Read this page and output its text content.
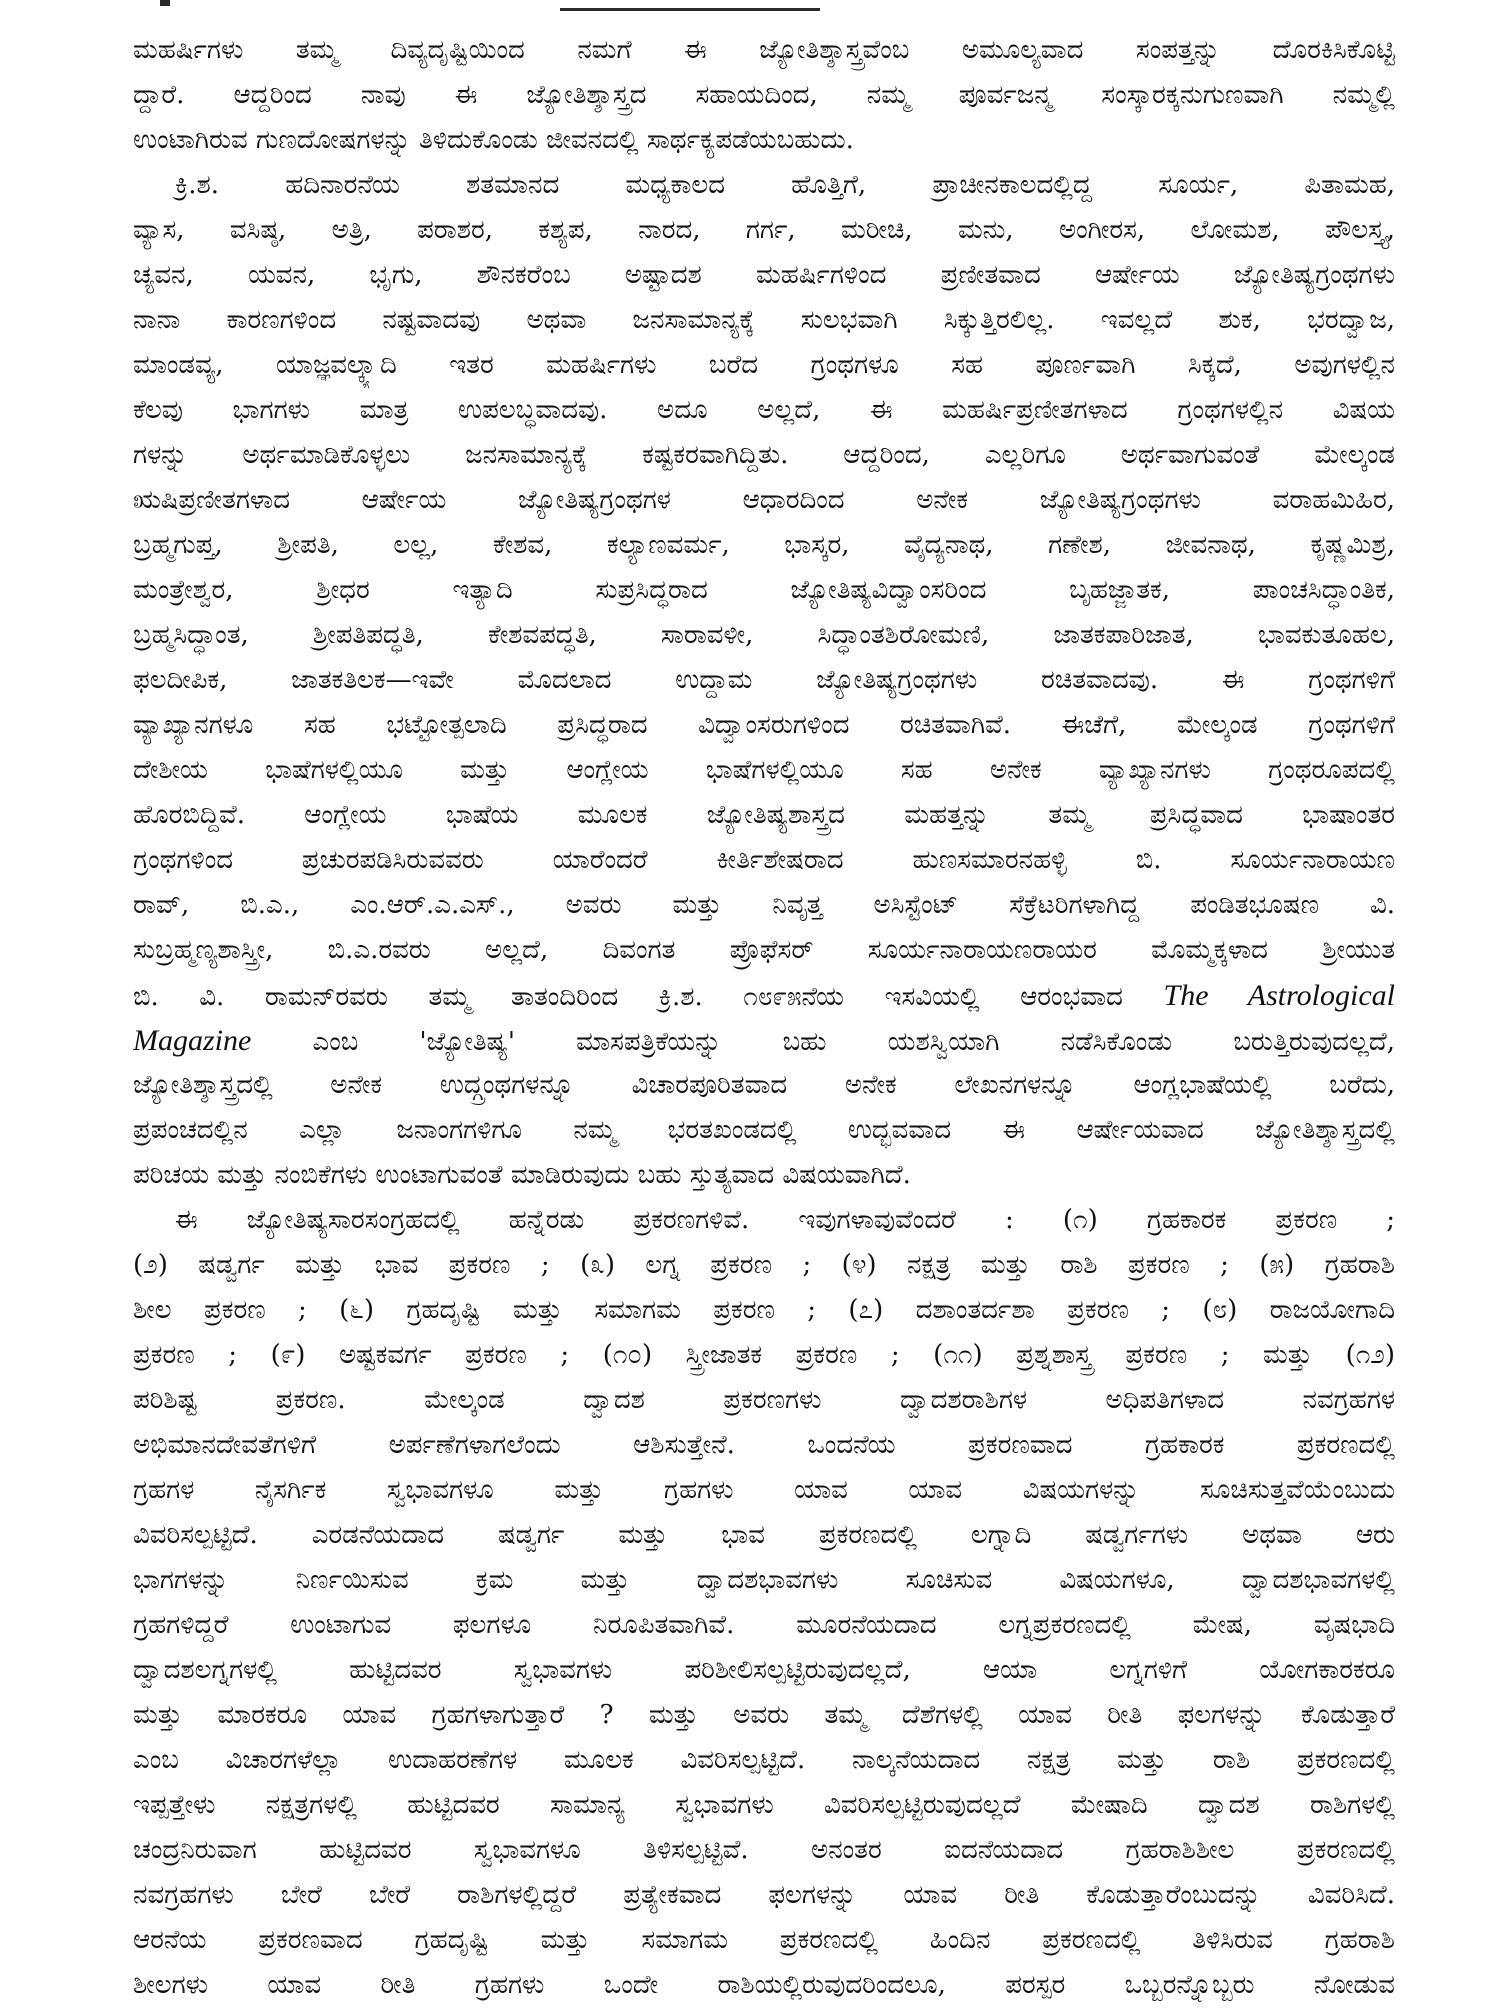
ಮಹರ್ಷಿಗಳು ತಮ್ಮ ದಿವ್ಯದೃಷ್ಟಿಯಿಂದ ನಮಗೆ ಈ ಜ್ಯೋತಿಶ್ಶಾಸ್ತ್ರವೆಂಬ ಅಮೂಲ್ಯವಾದ ಸಂಪತ್ತನ್ನು ದೊರಕಿಸಿಕೊಟ್ಟಿ
ದ್ದಾರೆ. ಆದ್ದರಿಂದ ನಾವು ಈ ಜ್ಯೋತಿಶ್ಶಾಸ್ತ್ರದ ಸಹಾಯದಿಂದ, ನಮ್ಮ ಪೂರ್ವಜನ್ಮ ಸಂಸ್ಕಾರಕ್ಕನುಗುಣವಾಗಿ ನಮ್ಮಲ್ಲಿ
ಉಂಟಾಗಿರುವ ಗುಣದೋಷಗಳನ್ನು ತಿಳಿದುಕೊಂಡು ಜೀವನದಲ್ಲಿ ಸಾರ್ಥಕ್ಯಪಡೆಯಬಹುದು.
ಕ್ರಿ.ಶ. ಹದಿನಾರನೆಯ ಶತಮಾನದ ಮಧ್ಯಕಾಲದ ಹೊತ್ತಿಗೆ, ಪ್ರಾಚೀನಕಾಲದಲ್ಲಿದ್ದ ಸೂರ್ಯ, ಪಿತಾಮಹ,
ವ್ಯಾಸ, ವಸಿಷ್ಠ, ಅತ್ರಿ, ಪರಾಶರ, ಕಶ್ಯಪ, ನಾರದ, ಗರ್ಗ, ಮರೀಚಿ, ಮನು, ಅಂಗೀರಸ, ಲೋಮಶ, ಪೌಲಸ್ತ್ಯ,
ಚ್ಯವನ, ಯವನ, ಭೃಗು, ಶೌನಕರೆಂಬ ಅಷ್ಟಾದಶ ಮಹರ್ಷಿಗಳಿಂದ ಪ್ರಣೀತವಾದ ಆರ್ಷೇಯ ಜ್ಯೋತಿಷ್ಯಗ್ರಂಥಗಳು
ನಾನಾ ಕಾರಣಗಳಿಂದ ನಷ್ಟವಾದವು ಅಥವಾ ಜನಸಾಮಾನ್ಯಕ್ಕೆ ಸುಲಭವಾಗಿ ಸಿಕ್ಕುತ್ತಿರಲಿಲ್ಲ. ಇವಲ್ಲದೆ ಶುಕ, ಭರದ್ವಾಜ,
ಮಾಂಡವ್ಯ, ಯಾಜ್ಞವಲ್ಕ್ಯಾದಿ ಇತರ ಮಹರ್ಷಿಗಳು ಬರೆದ ಗ್ರಂಥಗಳೂ ಸಹ ಪೂರ್ಣವಾಗಿ ಸಿಕ್ಕದೆ, ಅವುಗಳಲ್ಲಿನ
ಕೆಲವು ಭಾಗಗಳು ಮಾತ್ರ ಉಪಲಬ್ಧವಾದವು. ಅದೂ ಅಲ್ಲದೆ, ಈ ಮಹರ್ಷಿಪ್ರಣೀತಗಳಾದ ಗ್ರಂಥಗಳಲ್ಲಿನ ವಿಷಯ
ಗಳನ್ನು ಅರ್ಥಮಾಡಿಕೊಳ್ಳಲು ಜನಸಾಮಾನ್ಯಕ್ಕೆ ಕಷ್ಟಕರವಾಗಿದ್ದಿತು. ಆದ್ದರಿಂದ, ಎಲ್ಲರಿಗೂ ಅರ್ಥವಾಗುವಂತೆ ಮೇಲ್ಕಂಡ
ಋಷಿಪ್ರಣೀತಗಳಾದ ಆರ್ಷೇಯ ಜ್ಯೋತಿಷ್ಯಗ್ರಂಥಗಳ ಆಧಾರದಿಂದ ಅನೇಕ ಜ್ಯೋತಿಷ್ಯಗ್ರಂಥಗಳು ವರಾಹಮಿಹಿರ,
ಬ್ರಹ್ಮಗುಪ್ತ, ಶ್ರೀಪತಿ, ಲಲ್ಲ, ಕೇಶವ, ಕಲ್ಯಾಣವರ್ಮ, ಭಾಸ್ಕರ, ವೈದ್ಯನಾಥ, ಗಣೇಶ, ಜೀವನಾಥ, ಕೃಷ್ಣಮಿಶ್ರ,
ಮಂತ್ರೇಶ್ವರ, ಶ್ರೀಧರ ಇತ್ಯಾದಿ ಸುಪ್ರಸಿದ್ಧರಾದ ಜ್ಯೋತಿಷ್ಯವಿದ್ವಾಂಸರಿಂದ ಬೃಹಜ್ಜಾತಕ, ಪಾಂಚಸಿದ್ಧಾಂತಿಕ,
ಬ್ರಹ್ಮಸಿದ್ಧಾಂತ, ಶ್ರೀಪತಿಪದ್ಧತಿ, ಕೇಶವಪದ್ಧತಿ, ಸಾರಾವಳೀ, ಸಿದ್ಧಾಂತಶಿರೋಮಣಿ, ಜಾತಕಪಾರಿಜಾತ, ಭಾವಕುತೂಹಲ,
ಫಲದೀಪಿಕ, ಜಾತಕತಿಲಕ—ಇವೇ ಮೊದಲಾದ ಉದ್ದಾಮ ಜ್ಯೋತಿಷ್ಯಗ್ರಂಥಗಳು ರಚಿತವಾದವು. ಈ ಗ್ರಂಥಗಳಿಗೆ
ವ್ಯಾಖ್ಯಾನಗಳೂ ಸಹ ಭಟ್ಟೋತ್ಪಲಾದಿ ಪ್ರಸಿದ್ಧರಾದ ವಿದ್ವಾಂಸರುಗಳಿಂದ ರಚಿತವಾಗಿವೆ. ಈಚೆಗೆ, ಮೇಲ್ಕಂಡ ಗ್ರಂಥಗಳಿಗೆ
ದೇಶೀಯ ಭಾಷೆಗಳಲ್ಲಿಯೂ ಮತ್ತು ಆಂಗ್ಲೇಯ ಭಾಷೆಗಳಲ್ಲಿಯೂ ಸಹ ಅನೇಕ ವ್ಯಾಖ್ಯಾನಗಳು ಗ್ರಂಥರೂಪದಲ್ಲಿ
ಹೊರಬಿದ್ದಿವೆ. ಆಂಗ್ಲೇಯ ಭಾಷೆಯ ಮೂಲಕ ಜ್ಯೋತಿಷ್ಯಶಾಸ್ತ್ರದ ಮಹತ್ತನ್ನು ತಮ್ಮ ಪ್ರಸಿದ್ಧವಾದ ಭಾಷಾಂತರ
ಗ್ರಂಥಗಳಿಂದ ಪ್ರಚುರಪಡಿಸಿರುವವರು ಯಾರೆಂದರೆ ಕೀರ್ತಿಶೇಷರಾದ ಹುಣಸಮಾರನಹಳ್ಳಿ ಬಿ. ಸೂರ್ಯನಾರಾಯಣ
ರಾವ್, ಬಿ.ಎ., ಎಂ.ಆರ್.ಎ.ಎಸ್., ಅವರು ಮತ್ತು ನಿವೃತ್ತ ಅಸಿಸ್ಟೆಂಟ್ ಸೆಕ್ರೆಟರಿಗಳಾಗಿದ್ದ ಪಂಡಿತಭೂಷಣ ವಿ.
ಸುಬ್ರಹ್ಮಣ್ಯಶಾಸ್ತ್ರೀ, ಬಿ.ಎ.ರವರು ಅಲ್ಲದೆ, ದಿವಂಗತ ಪ್ರೊಫೆಸರ್ ಸೂರ್ಯನಾರಾಯಣರಾಯರ ಮೊಮ್ಮಕ್ಕಳಾದ ಶ್ರೀಯುತ
ಬಿ. ವಿ. ರಾಮನ್‌ರವರು ತಮ್ಮ ತಾತಂದಿರಿಂದ ಕ್ರಿ.ಶ. ೧೮೯೫ನೆಯ ಇಸವಿಯಲ್ಲಿ ಆರಂಭವಾದ The Astrological
Magazine ಎಂಬ 'ಜ್ಯೋತಿಷ್ಯ' ಮಾಸಪತ್ರಿಕೆಯನ್ನು ಬಹು ಯಶಸ್ವಿಯಾಗಿ ನಡೆಸಿಕೊಂಡು ಬರುತ್ತಿರುವುದಲ್ಲದೆ,
ಜ್ಯೋತಿಶ್ಶಾಸ್ತ್ರದಲ್ಲಿ ಅನೇಕ ಉದ್ಗ್ರಂಥಗಳನ್ನೂ ವಿಚಾರಪೂರಿತವಾದ ಅನೇಕ ಲೇಖನಗಳನ್ನೂ ಆಂಗ್ಲಭಾಷೆಯಲ್ಲಿ ಬರೆದು,
ಪ್ರಪಂಚದಲ್ಲಿನ ಎಲ್ಲಾ ಜನಾಂಗಗಳಿಗೂ ನಮ್ಮ ಭರತಖಂಡದಲ್ಲಿ ಉದ್ಭವವಾದ ಈ ಆರ್ಷೇಯವಾದ ಜ್ಯೋತಿಶ್ಶಾಸ್ತ್ರದಲ್ಲಿ
ಪರಿಚಯ ಮತ್ತು ನಂಬಿಕೆಗಳು ಉಂಟಾಗುವಂತೆ ಮಾಡಿರುವುದು ಬಹು ಸ್ತುತ್ಯವಾದ ವಿಷಯವಾಗಿದೆ.
ಈ ಜ್ಯೋತಿಷ್ಯಸಾರಸಂಗ್ರಹದಲ್ಲಿ ಹನ್ನೆರಡು ಪ್ರಕರಣಗಳಿವೆ. ಇವುಗಳಾವುವೆಂದರೆ : (೧) ಗ್ರಹಕಾರಕ ಪ್ರಕರಣ ;
(೨) ಷಡ್ವರ್ಗ ಮತ್ತು ಭಾವ ಪ್ರಕರಣ ; (೩) ಲಗ್ನ ಪ್ರಕರಣ ; (೪) ನಕ್ಷತ್ರ ಮತ್ತು ರಾಶಿ ಪ್ರಕರಣ ; (೫) ಗ್ರಹರಾಶಿ
ಶೀಲ ಪ್ರಕರಣ ; (೬) ಗ್ರಹದೃಷ್ಟಿ ಮತ್ತು ಸಮಾಗಮ ಪ್ರಕರಣ ; (೭) ದಶಾಂತರ್ದಶಾ ಪ್ರಕರಣ ; (೮) ರಾಜಯೋಗಾದಿ
ಪ್ರಕರಣ ; (೯) ಅಷ್ಟಕವರ್ಗ ಪ್ರಕರಣ ; (೧೦) ಸ್ತ್ರೀಜಾತಕ ಪ್ರಕರಣ ; (೧೧) ಪ್ರಶ್ನಶಾಸ್ತ್ರ ಪ್ರಕರಣ ; ಮತ್ತು (೧೨)
ಪರಿಶಿಷ್ಟ ಪ್ರಕರಣ. ಮೇಲ್ಕಂಡ ದ್ವಾದಶ ಪ್ರಕರಣಗಳು ದ್ವಾದಶರಾಶಿಗಳ ಅಧಿಪತಿಗಳಾದ ನವಗ್ರಹಗಳ
ಅಭಿಮಾನದೇವತೆಗಳಿಗೆ ಅರ್ಪಣೆಗಳಾಗಲೆಂದು ಆಶಿಸುತ್ತೇನೆ. ಒಂದನೆಯ ಪ್ರಕರಣವಾದ ಗ್ರಹಕಾರಕ ಪ್ರಕರಣದಲ್ಲಿ
ಗ್ರಹಗಳ ನೈಸರ್ಗಿಕ ಸ್ವಭಾವಗಳೂ ಮತ್ತು ಗ್ರಹಗಳು ಯಾವ ಯಾವ ವಿಷಯಗಳನ್ನು ಸೂಚಿಸುತ್ತವೆಯೆಂಬುದು
ವಿವರಿಸಲ್ಪಟ್ಟಿದೆ. ಎರಡನೆಯದಾದ ಷಡ್ವರ್ಗ ಮತ್ತು ಭಾವ ಪ್ರಕರಣದಲ್ಲಿ ಲಗ್ನಾದಿ ಷಡ್ವರ್ಗಗಳು ಅಥವಾ ಆರು
ಭಾಗಗಳನ್ನು ನಿರ್ಣಯಿಸುವ ಕ್ರಮ ಮತ್ತು ದ್ವಾದಶಭಾವಗಳು ಸೂಚಿಸುವ ವಿಷಯಗಳೂ, ದ್ವಾದಶಭಾವಗಳಲ್ಲಿ
ಗ್ರಹಗಳಿದ್ದರೆ ಉಂಟಾಗುವ ಫಲಗಳೂ ನಿರೂಪಿತವಾಗಿವೆ. ಮೂರನೆಯದಾದ ಲಗ್ನಪ್ರಕರಣದಲ್ಲಿ ಮೇಷ, ವೃಷಭಾದಿ
ದ್ವಾದಶಲಗ್ನಗಳಲ್ಲಿ ಹುಟ್ಟಿದವರ ಸ್ವಭಾವಗಳು ಪರಿಶೀಲಿಸಲ್ಪಟ್ಟಿರುವುದಲ್ಲದೆ, ಆಯಾ ಲಗ್ನಗಳಿಗೆ ಯೋಗಕಾರಕರೂ
ಮತ್ತು ಮಾರಕರೂ ಯಾವ ಗ್ರಹಗಳಾಗುತ್ತಾರೆ ? ಮತ್ತು ಅವರು ತಮ್ಮ ದೆಶೆಗಳಲ್ಲಿ ಯಾವ ರೀತಿ ಫಲಗಳನ್ನು ಕೊಡುತ್ತಾರೆ
ಎಂಬ ವಿಚಾರಗಳೆಲ್ಲಾ ಉದಾಹರಣೆಗಳ ಮೂಲಕ ವಿವರಿಸಲ್ಪಟ್ಟಿದೆ. ನಾಲ್ಕನೆಯದಾದ ನಕ್ಷತ್ರ ಮತ್ತು ರಾಶಿ ಪ್ರಕರಣದಲ್ಲಿ
ಇಪ್ಪತ್ತೇಳು ನಕ್ಷತ್ರಗಳಲ್ಲಿ ಹುಟ್ಟಿದವರ ಸಾಮಾನ್ಯ ಸ್ವಭಾವಗಳು ವಿವರಿಸಲ್ಪಟ್ಟಿರುವುದಲ್ಲದೆ ಮೇಷಾದಿ ದ್ವಾದಶ ರಾಶಿಗಳಲ್ಲಿ
ಚಂದ್ರನಿರುವಾಗ ಹುಟ್ಟಿದವರ ಸ್ವಭಾವಗಳೂ ತಿಳಿಸಲ್ಪಟ್ಟಿವೆ. ಅನಂತರ ಐದನೆಯದಾದ ಗ್ರಹರಾಶಿಶೀಲ ಪ್ರಕರಣದಲ್ಲಿ
ನವಗ್ರಹಗಳು ಬೇರೆ ಬೇರೆ ರಾಶಿಗಳಲ್ಲಿದ್ದರೆ ಪ್ರತ್ಯೇಕವಾದ ಫಲಗಳನ್ನು ಯಾವ ರೀತಿ ಕೊಡುತ್ತಾರೆಂಬುದನ್ನು ವಿವರಿಸಿದೆ.
ಆರನೆಯ ಪ್ರಕರಣವಾದ ಗ್ರಹದೃಷ್ಟಿ ಮತ್ತು ಸಮಾಗಮ ಪ್ರಕರಣದಲ್ಲಿ ಹಿಂದಿನ ಪ್ರಕರಣದಲ್ಲಿ ತಿಳಿಸಿರುವ ಗ್ರಹರಾಶಿ
ಶೀಲಗಳು ಯಾವ ರೀತಿ ಗ್ರಹಗಳು ಒಂದೇ ರಾಶಿಯಲ್ಲಿರುವುದರಿಂದಲೂ, ಪರಸ್ಪರ ಒಬ್ಬರನ್ನೊಬ್ಬರು ನೋಡುವ
